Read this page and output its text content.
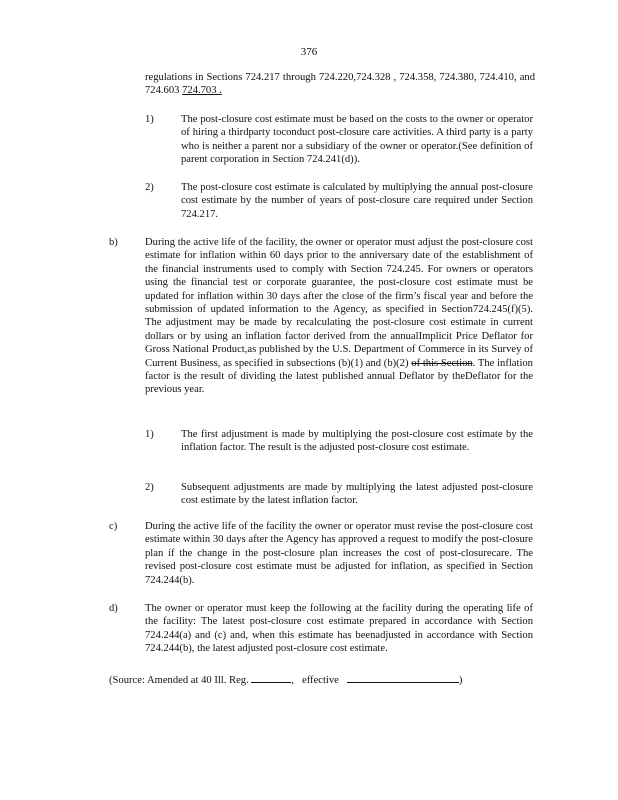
376
regulations in Sections 724.217 through 724.220,724.328 , 724.358, 724.380, 724.410, and 724.603 724.703 .
1)	The post-closure cost estimate must be based on the costs to the owner or operator of hiring a thirdparty toconduct post-closure care activities. A third party is a party who is neither a parent nor a subsidiary of the owner or operator.(See definition of parent corporation in Section 724.241(d)).
2)	The post-closure cost estimate is calculated by multiplying the annual post-closure cost estimate by the number of years of post-closure care required under Section 724.217.
b)	During the active life of the facility, the owner or operator must adjust the post-closure cost estimate for inflation within 60 days prior to the anniversary date of the establishment of the financial instruments used to comply with Section 724.245. For owners or operators using the financial test or corporate guarantee, the post-closure cost estimate must be updated for inflation within 30 days after the close of the firm’s fiscal year and before the submission of updated information to the Agency, as specified in Section724.245(f)(5). The adjustment may be made by recalculating the post-closure cost estimate in current dollars or by using an inflation factor derived from the annualImplicit Price Deflator for Gross National Product,as published by the U.S. Department of Commerce in its Survey of Current Business, as specified in subsections (b)(1) and (b)(2) of this Section. The inflation factor is the result of dividing the latest published annual Deflator by theDeflator for the previous year.
1)	The first adjustment is made by multiplying the post-closure cost estimate by the inflation factor. The result is the adjusted post-closure cost estimate.
2)	Subsequent adjustments are made by multiplying the latest adjusted post-closure cost estimate by the latest inflation factor.
c)	During the active life of the facility the owner or operator must revise the post-closure cost estimate within 30 days after the Agency has approved a request to modify the post-closure plan if the change in the post-closure plan increases the cost of post-closurecare. The revised post-closure cost estimate must be adjusted for inflation, as specified in Section 724.244(b).
d)	The owner or operator must keep the following at the facility during the operating life of the facility: The latest post-closure cost estimate prepared in accordance with Section 724.244(a) and (c) and, when this estimate has beenadjusted in accordance with Section 724.244(b), the latest adjusted post-closure cost estimate.
(Source: Amended at 40 Ill. Reg.	, effective	)
